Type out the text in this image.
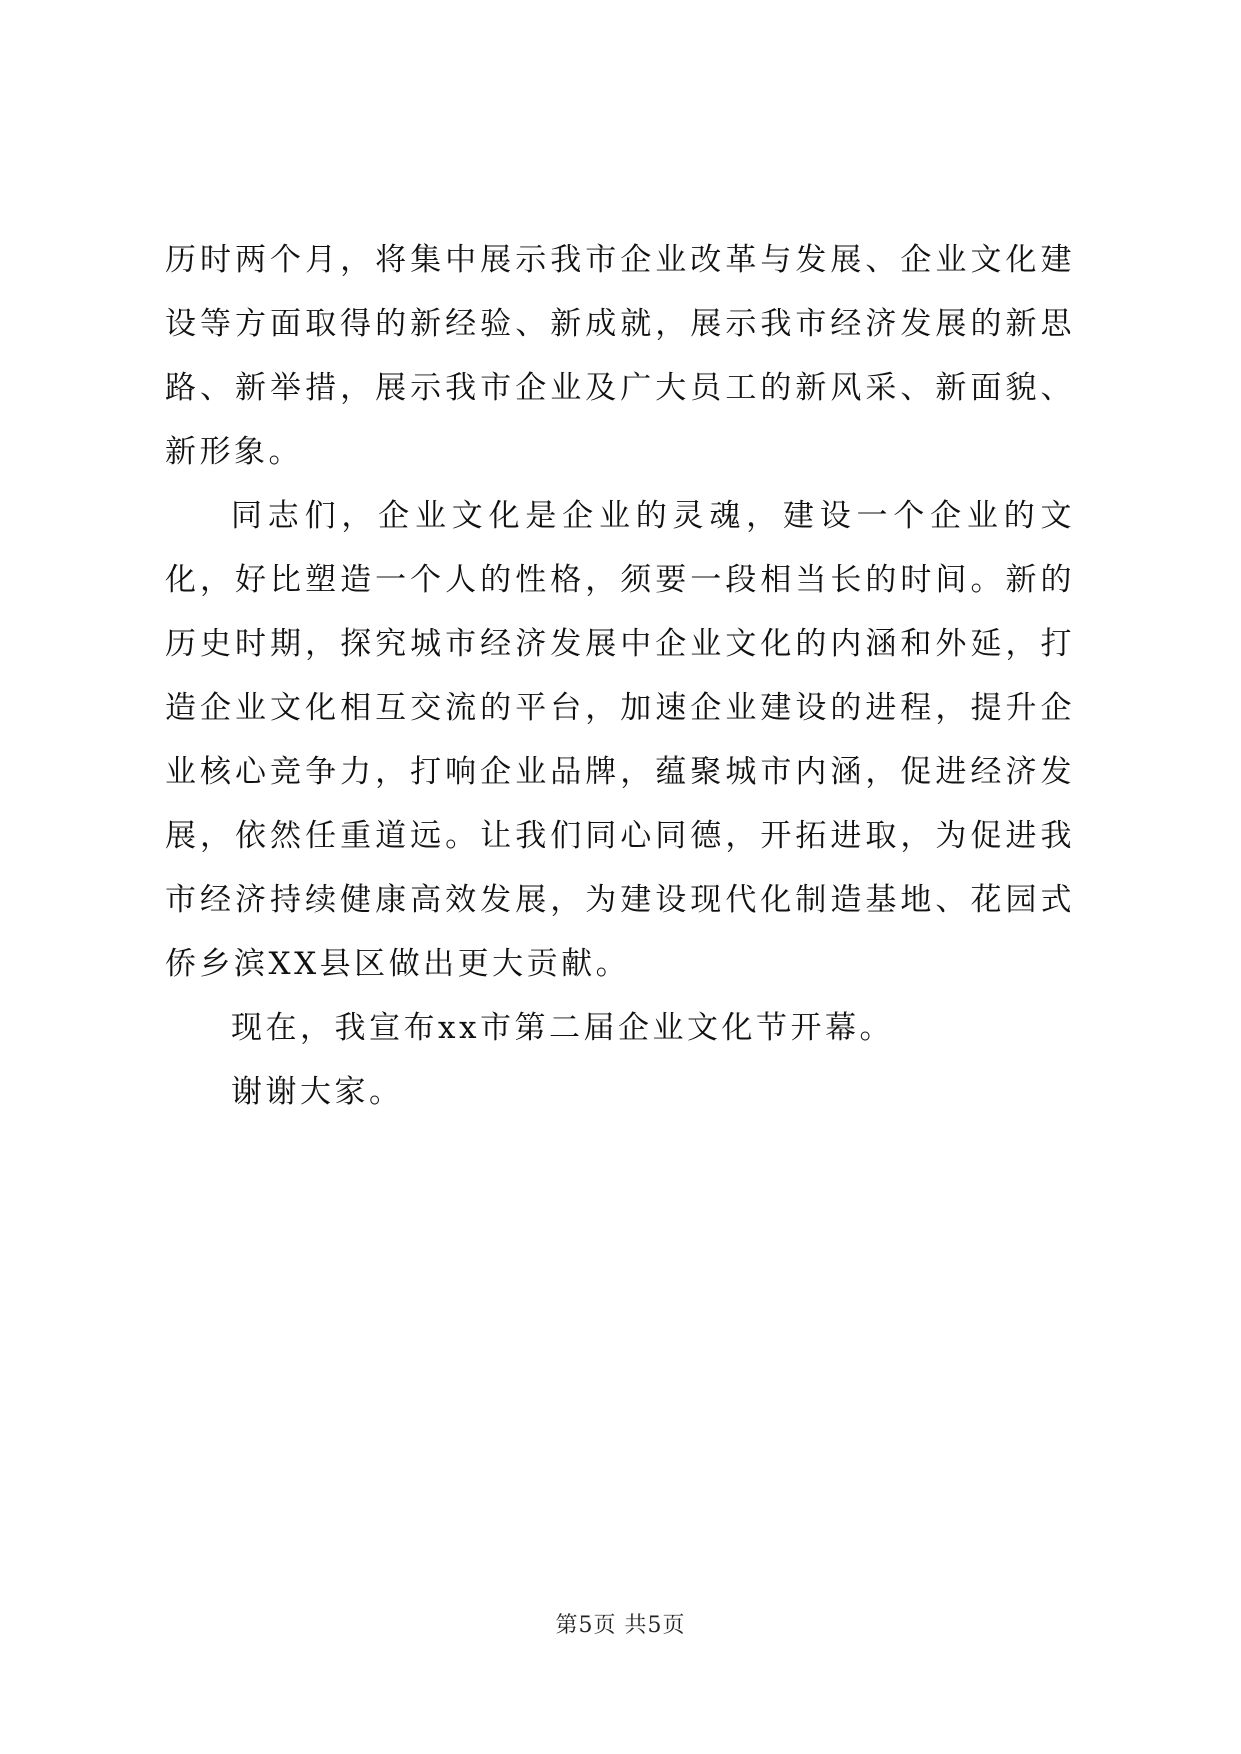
历时两个月，将集中展示我市企业改革与发展、企业文化建设等方面取得的新经验、新成就，展示我市经济发展的新思路、新举措，展示我市企业及广大员工的新风采、新面貌、新形象。

同志们，企业文化是企业的灵魂，建设一个企业的文化，好比塑造一个人的性格，须要一段相当长的时间。新的历史时期，探究城市经济发展中企业文化的内涵和外延，打造企业文化相互交流的平台，加速企业建设的进程，提升企业核心竞争力，打响企业品牌，蕴聚城市内涵，促进经济发展，依然任重道远。让我们同心同德，开拓进取，为促进我市经济持续健康高效发展，为建设现代化制造基地、花园式侨乡滨XX县区做出更大贡献。

现在，我宣布xx市第二届企业文化节开幕。

谢谢大家。

第5页 共5页
